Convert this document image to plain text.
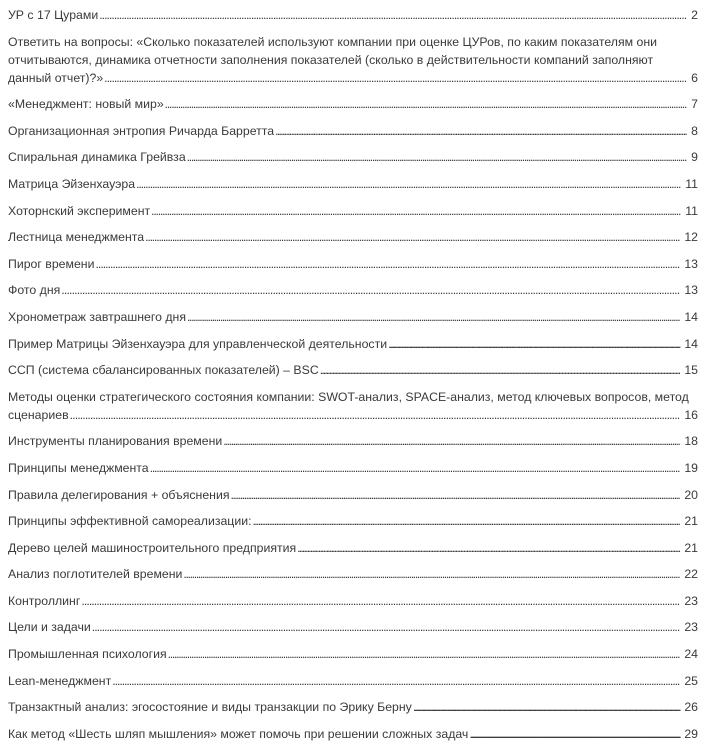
УР с 17 Цурами................................................................................................................................................................................................................................................ 2
Ответить на вопросы: «Сколько показателей используют компании при оценке ЦУРов, по каким показателям они отчитываются, динамика отчетности заполнения показателей (сколько в действительности компаний заполняют данный отчет)?»................................................................................................................................................................................................................................................ 6
«Менеджмент: новый мир»................................................................................................................................................................................................................................................ 7
Организационная энтропия Ричарда Барретта................................................................................................................................................................................................................................................ 8
Спиральная динамика Грейвза................................................................................................................................................................................................................................................ 9
Матрица Эйзенхауэра................................................................................................................................................................................................................................................ 11
Хоторнский эксперимент................................................................................................................................................................................................................................................ 11
Лестница менеджмента................................................................................................................................................................................................................................................ 12
Пирог времени................................................................................................................................................................................................................................................ 13
Фото дня................................................................................................................................................................................................................................................ 13
Хронометраж завтрашнего дня................................................................................................................................................................................................................................................ 14
Пример Матрицы Эйзенхауэра для управленческой деятельности................................................................................................................................................................................................................................................ 14
ССП (система сбалансированных показателей) – BSC................................................................................................................................................................................................................................................ 15
Методы оценки стратегического состояния компании: SWOT-анализ, SPACE-анализ, метод ключевых вопросов, метод сценариев................................................................................................................................................................................................................................................ 16
Инструменты планирования времени................................................................................................................................................................................................................................................ 18
Принципы менеджмента................................................................................................................................................................................................................................................ 19
Правила делегирования + объяснения................................................................................................................................................................................................................................................ 20
Принципы эффективной самореализации:................................................................................................................................................................................................................................................ 21
Дерево целей машиностроительного предприятия................................................................................................................................................................................................................................................ 21
Анализ поглотителей времени................................................................................................................................................................................................................................................ 22
Контроллинг................................................................................................................................................................................................................................................ 23
Цели и задачи................................................................................................................................................................................................................................................ 23
Промышленная психология................................................................................................................................................................................................................................................ 24
Lean-менеджмент................................................................................................................................................................................................................................................ 25
Транзактный анализ: эгосостояние и виды транзакции по Эрику Берну................................................................................................................................................................................................................................................ 26
Как метод «Шесть шляп мышления» может помочь при решении сложных задач................................................................................................................................................................................................................................................ 29
